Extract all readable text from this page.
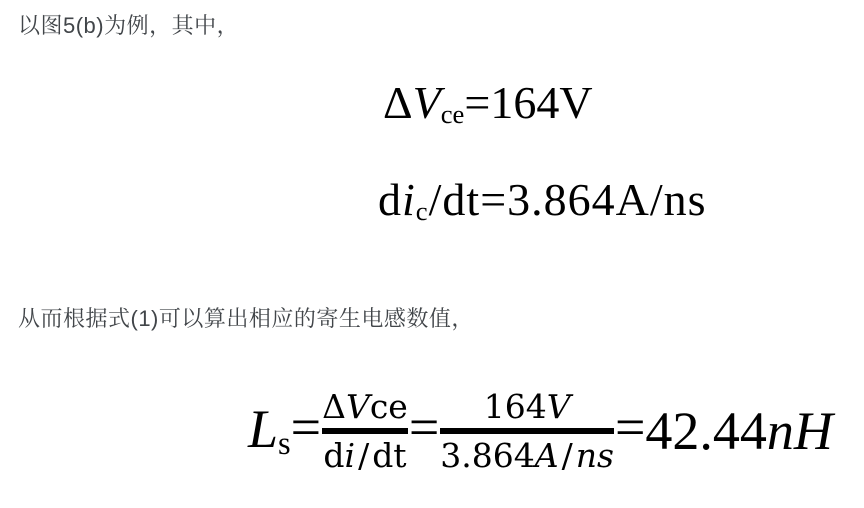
以图5(b)为例，其中，

ΔVce=164V
dic/dt=3.864A/ns

从而根据式(1)可以算出相应的寄生电感数值，

Ls = ΔVce
di/dt = 164V
3.864A/ns = 42.44nH
